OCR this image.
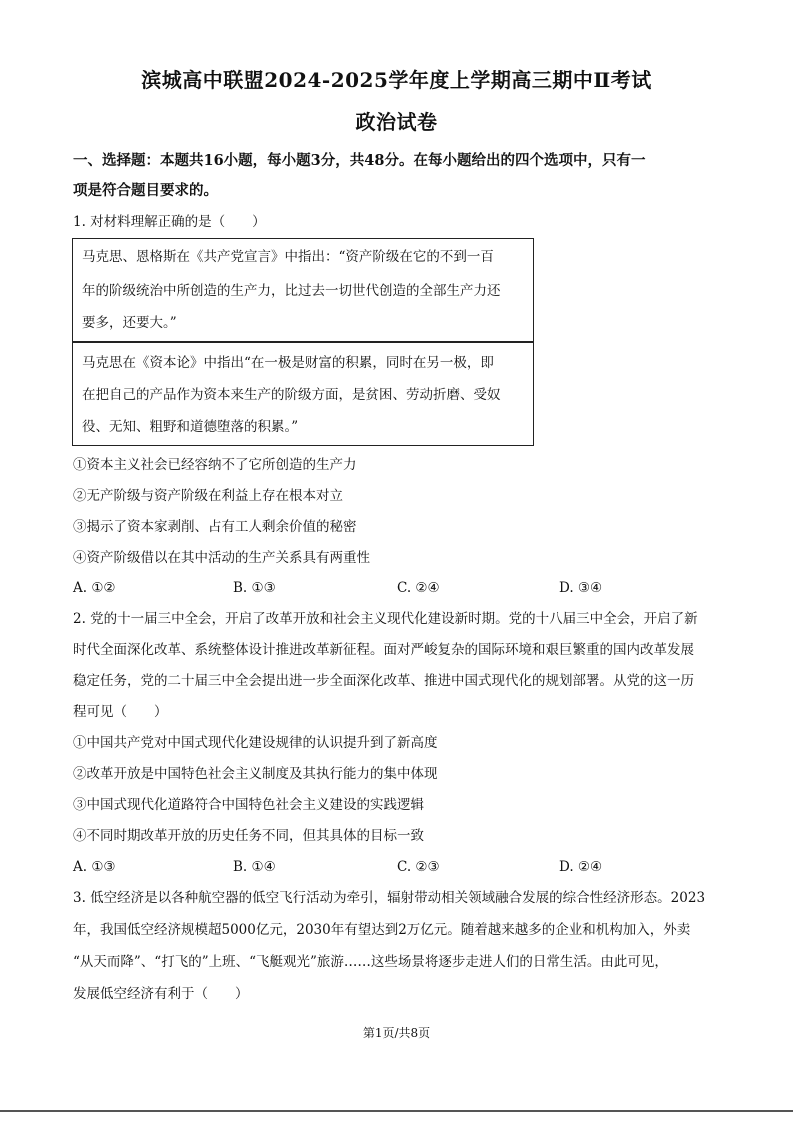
滨城高中联盟2024-2025学年度上学期高三期中Ⅱ考试
政治试卷
一、选择题：本题共16小题，每小题3分，共48分。在每小题给出的四个选项中，只有一
项是符合题目要求的。
1. 对材料理解正确的是（　　）
马克思、恩格斯在《共产党宣言》中指出：“资产阶级在它的不到一百
年的阶级统治中所创造的生产力，比过去一切世代创造的全部生产力还
要多，还要大。”
马克思在《资本论》中指出“在一极是财富的积累，同时在另一极，即
在把自己的产品作为资本来生产的阶级方面，是贫困、劳动折磨、受奴
役、无知、粗野和道德堕落的积累。”
①资本主义社会已经容纳不了它所创造的生产力
②无产阶级与资产阶级在利益上存在根本对立
③揭示了资本家剥削、占有工人剩余价值的秘密
④资产阶级借以在其中活动的生产关系具有两重性
A. ①②	B. ①③	C. ②④	D. ③④
2. 党的十一届三中全会，开启了改革开放和社会主义现代化建设新时期。党的十八届三中全会，开启了新
时代全面深化改革、系统整体设计推进改革新征程。面对严峻复杂的国际环境和艰巨繁重的国内改革发展
稳定任务，党的二十届三中全会提出进一步全面深化改革、推进中国式现代化的规划部署。从党的这一历
程可见（　　）
①中国共产党对中国式现代化建设规律的认识提升到了新高度
②改革开放是中国特色社会主义制度及其执行能力的集中体现
③中国式现代化道路符合中国特色社会主义建设的实践逻辑
④不同时期改革开放的历史任务不同，但其具体的目标一致
A. ①③	B. ①④	C. ②③	D. ②④
3. 低空经济是以各种航空器的低空飞行活动为牵引，辐射带动相关领域融合发展的综合性经济形态。2023
年，我国低空经济规模超5000亿元，2030年有望达到2万亿元。随着越来越多的企业和机构加入，外卖
“从天而降”、“打飞的”上班、“飞艇观光”旅游……这些场景将逐步走进人们的日常生活。由此可见，
发展低空经济有利于（　　）
第1页/共8页
